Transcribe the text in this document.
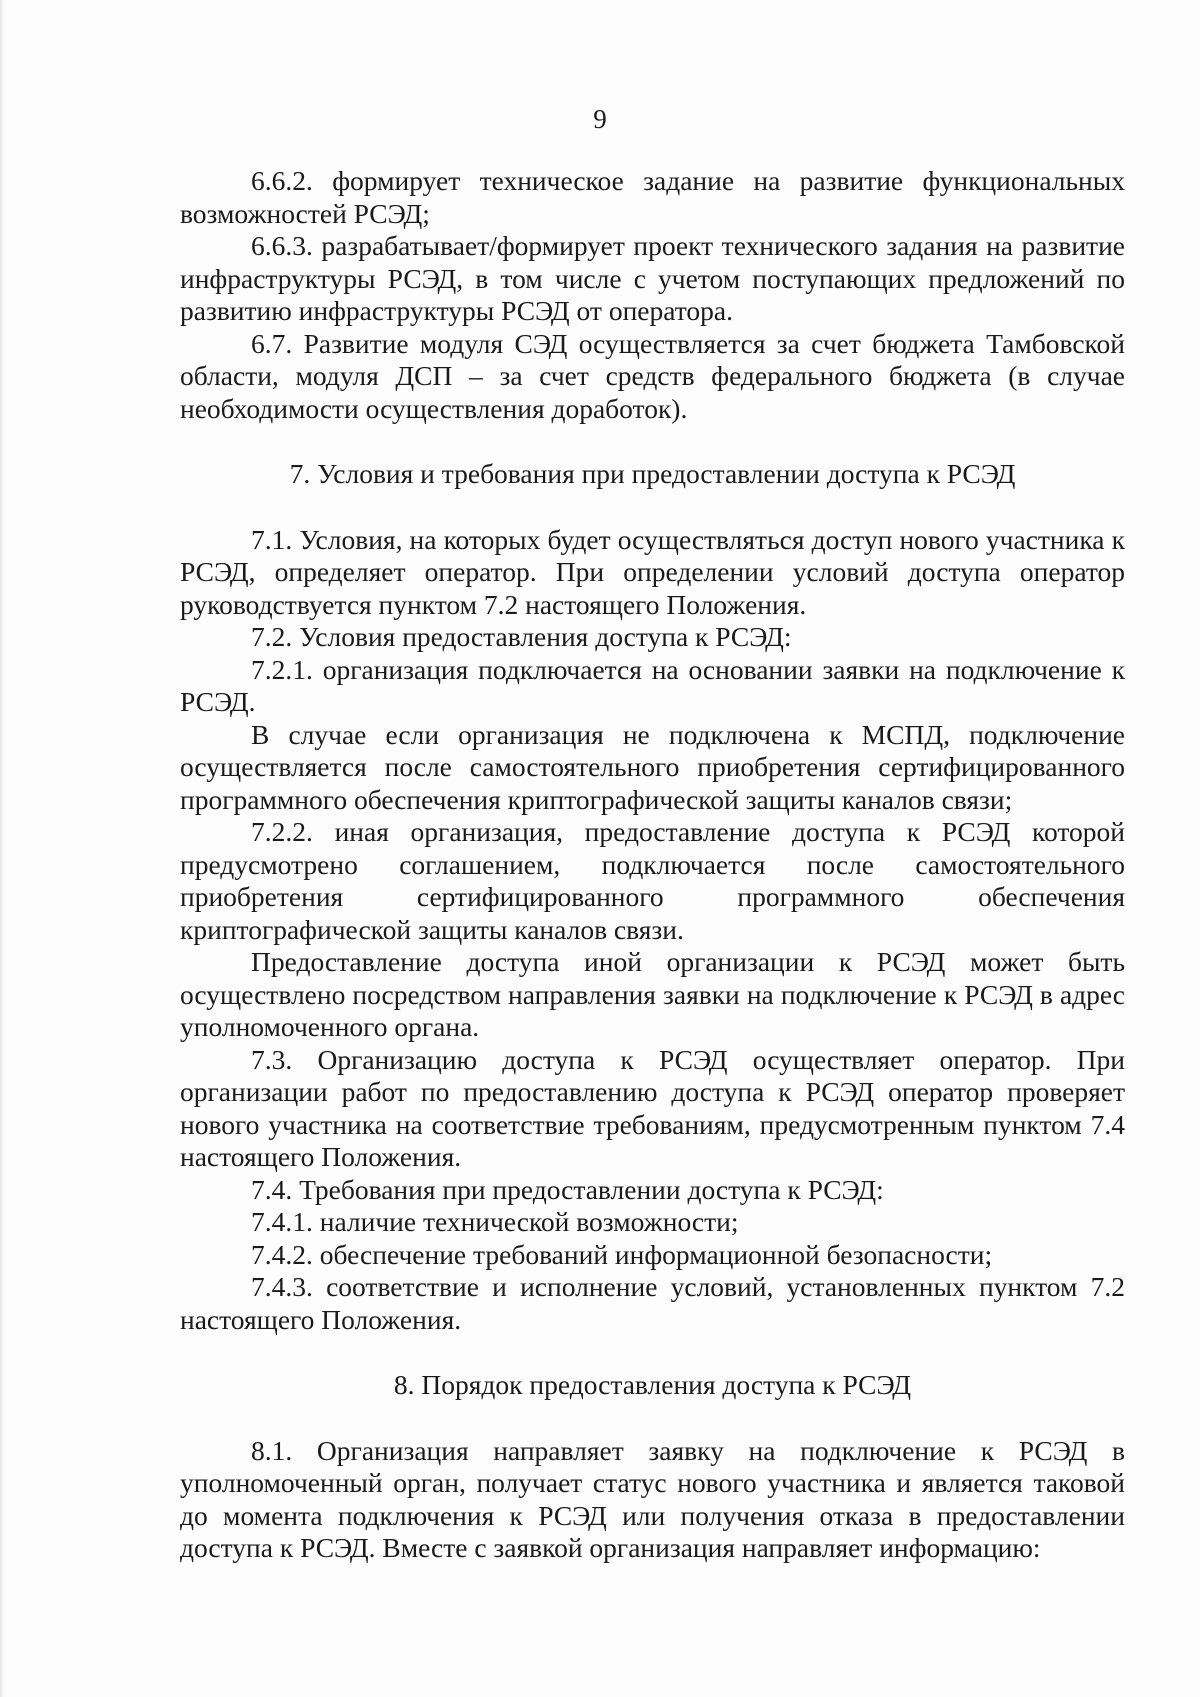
9

6.6.2. формирует техническое задание на развитие функциональных возможностей РСЭД;

6.6.3. разрабатывает/формирует проект технического задания на развитие инфраструктуры РСЭД, в том числе с учетом поступающих предложений по развитию инфраструктуры РСЭД от оператора.

6.7. Развитие модуля СЭД осуществляется за счет бюджета Тамбовской области, модуля ДСП – за счет средств федерального бюджета (в случае необходимости осуществления доработок).

7. Условия и требования при предоставлении доступа к РСЭД

7.1. Условия, на которых будет осуществляться доступ нового участника к РСЭД, определяет оператор. При определении условий доступа оператор руководствуется пунктом 7.2 настоящего Положения.

7.2. Условия предоставления доступа к РСЭД:

7.2.1. организация подключается на основании заявки на подключение к РСЭД.

В случае если организация не подключена к МСПД, подключение осуществляется после самостоятельного приобретения сертифицированного программного обеспечения криптографической защиты каналов связи;

7.2.2. иная организация, предоставление доступа к РСЭД которой предусмотрено соглашением, подключается после самостоятельного приобретения сертифицированного программного обеспечения криптографической защиты каналов связи.

Предоставление доступа иной организации к РСЭД может быть осуществлено посредством направления заявки на подключение к РСЭД в адрес уполномоченного органа.

7.3. Организацию доступа к РСЭД осуществляет оператор. При организации работ по предоставлению доступа к РСЭД оператор проверяет нового участника на соответствие требованиям, предусмотренным пунктом 7.4 настоящего Положения.

7.4. Требования при предоставлении доступа к РСЭД:

7.4.1. наличие технической возможности;

7.4.2. обеспечение требований информационной безопасности;

7.4.3. соответствие и исполнение условий, установленных пунктом 7.2 настоящего Положения.

8. Порядок предоставления доступа к РСЭД

8.1. Организация направляет заявку на подключение к РСЭД в уполномоченный орган, получает статус нового участника и является таковой до момента подключения к РСЭД или получения отказа в предоставлении доступа к РСЭД. Вместе с заявкой организация направляет информацию:
